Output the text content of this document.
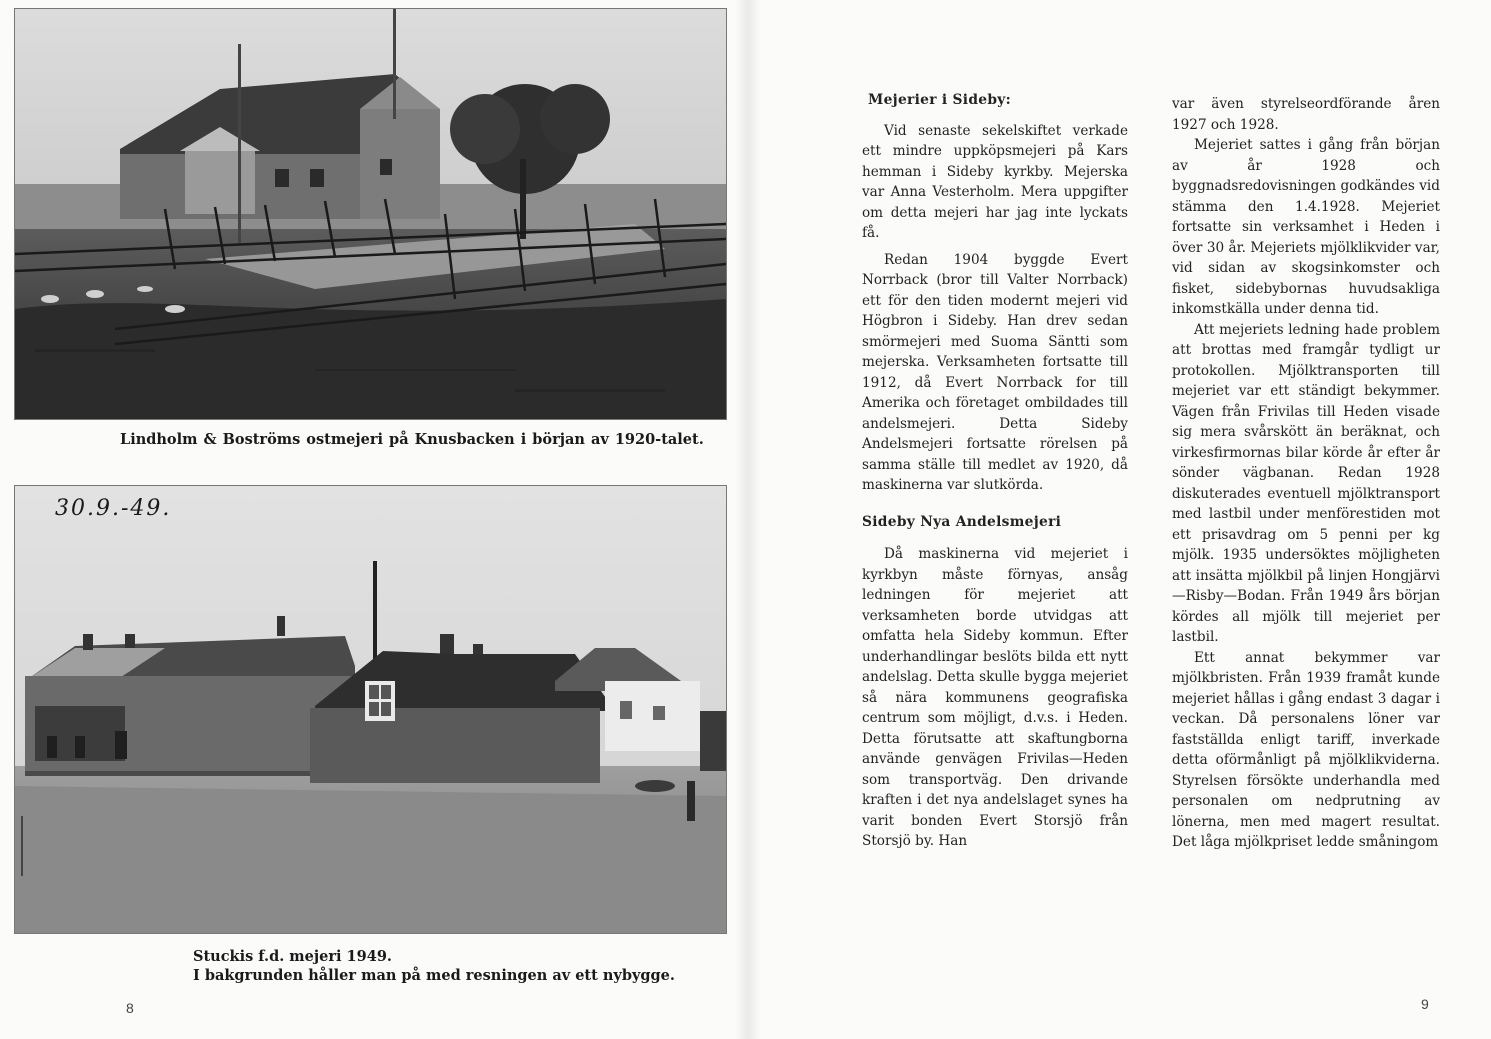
Lindholm & Boströms ostmejeri på Knusbacken i början av 1920-talet.
30.9.-49.
Stuckis f.d. mejeri 1949.
I bakgrunden håller man på med resningen av ett nybygge.
8
Mejerier i Sideby:

Vid senaste sekelskiftet verkade ett mindre uppköpsmejeri på Kars hemman i Sideby kyrkby. Mejerska var Anna Vesterholm. Mera uppgifter om detta mejeri har jag inte lyckats få.

Redan 1904 byggde Evert Norrback (bror till Valter Norrback) ett för den tiden modernt mejeri vid Högbron i Sideby. Han drev sedan smörmejeri med Suoma Säntti som mejerska. Verksamheten fortsatte till 1912, då Evert Norrback for till Amerika och företaget ombildades till andelsmejeri. Detta Sideby Andelsmejeri fortsatte rörelsen på samma ställe till medlet av 1920, då maskinerna var slutkörda.

Sideby Nya Andelsmejeri

Då maskinerna vid mejeriet i kyrkbyn måste förnyas, ansåg ledningen för mejeriet att verksamheten borde utvidgas att omfatta hela Sideby kommun. Efter underhandlingar beslöts bilda ett nytt andelslag. Detta skulle bygga mejeriet så nära kommunens geografiska centrum som möjligt, d.v.s. i Heden. Detta förutsatte att skaftungborna använde genvägen Frivilas—Heden som transportväg. Den drivande kraften i det nya andelslaget synes ha varit bonden Evert Storsjö från Storsjö by. Han

var även styrelseordförande åren 1927 och 1928.

Mejeriet sattes i gång från början av år 1928 och byggnadsredovisningen godkändes vid stämma den 1.4.1928. Mejeriet fortsatte sin verksamhet i Heden i över 30 år. Mejeriets mjölklikvider var, vid sidan av skogsinkomster och fisket, sidebybornas huvudsakliga inkomstkälla under denna tid.

Att mejeriets ledning hade problem att brottas med framgår tydligt ur protokollen. Mjölktransporten till mejeriet var ett ständigt bekymmer. Vägen från Frivilas till Heden visade sig mera svårskött än beräknat, och virkesfirmornas bilar körde år efter år sönder vägbanan. Redan 1928 diskuterades eventuell mjölktransport med lastbil under menförestiden mot ett prisavdrag om 5 penni per kg mjölk. 1935 undersöktes möjligheten att insätta mjölkbil på linjen Hongjärvi—Risby—Bodan. Från 1949 års början kördes all mjölk till mejeriet per lastbil.

Ett annat bekymmer var mjölkbristen. Från 1939 framåt kunde mejeriet hållas i gång endast 3 dagar i veckan. Då personalens löner var fastställda enligt tariff, inverkade detta oförmånligt på mjölklikviderna. Styrelsen försökte underhandla med personalen om nedprutning av lönerna, men med magert resultat. Det låga mjölkpriset ledde småningom

9
